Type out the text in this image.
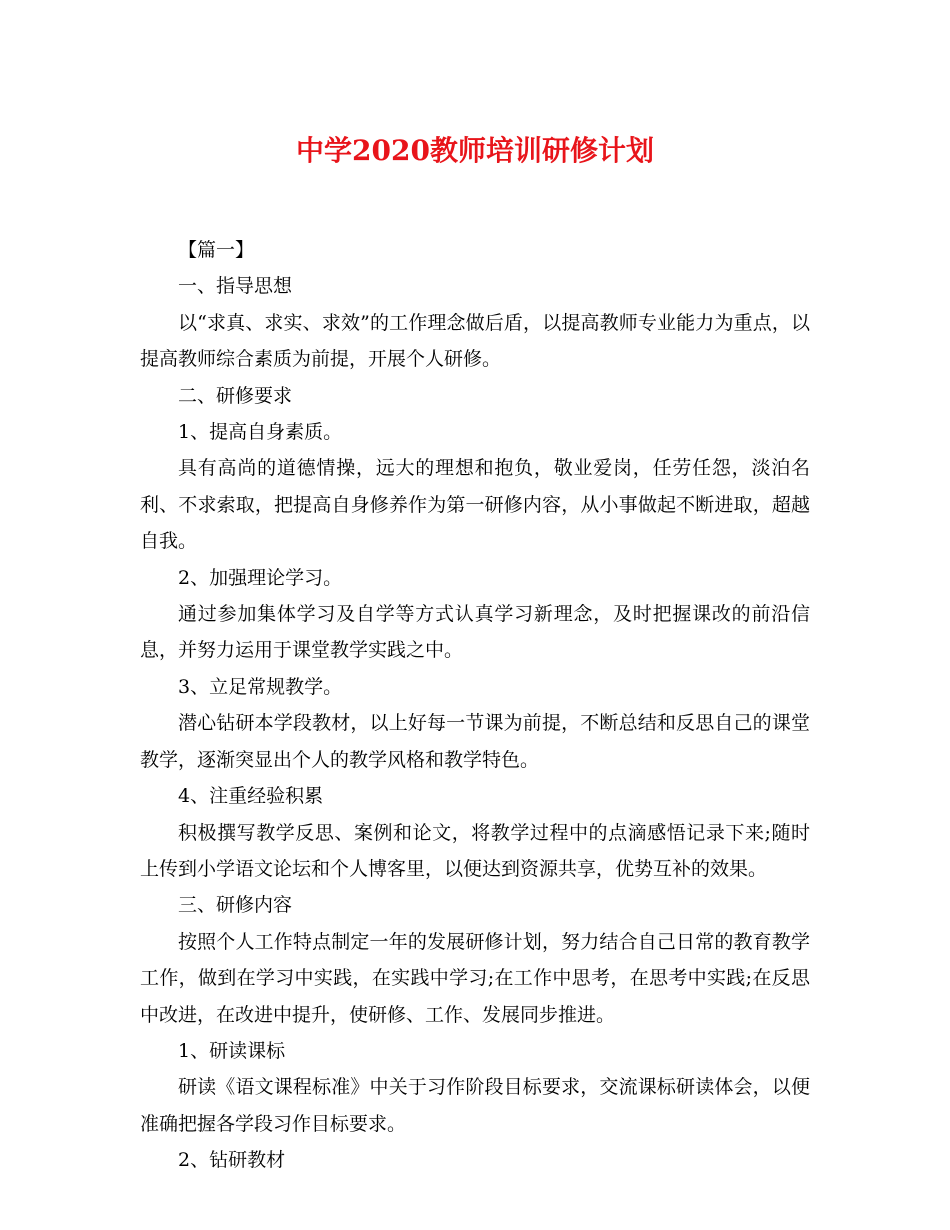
中学2020教师培训研修计划

【篇一】

一、指导思想

以“求真、求实、求效”的工作理念做后盾，以提高教师专业能力为重点，以提高教师综合素质为前提，开展个人研修。

二、研修要求

1、提高自身素质。

具有高尚的道德情操，远大的理想和抱负，敬业爱岗，任劳任怨，淡泊名利、不求索取，把提高自身修养作为第一研修内容，从小事做起不断进取，超越自我。

2、加强理论学习。

通过参加集体学习及自学等方式认真学习新理念，及时把握课改的前沿信息，并努力运用于课堂教学实践之中。

3、立足常规教学。

潜心钻研本学段教材，以上好每一节课为前提，不断总结和反思自己的课堂教学，逐渐突显出个人的教学风格和教学特色。

4、注重经验积累

积极撰写教学反思、案例和论文，将教学过程中的点滴感悟记录下来;随时上传到小学语文论坛和个人博客里，以便达到资源共享，优势互补的效果。

三、研修内容

按照个人工作特点制定一年的发展研修计划，努力结合自己日常的教育教学工作，做到在学习中实践，在实践中学习;在工作中思考，在思考中实践;在反思中改进，在改进中提升，使研修、工作、发展同步推进。

1、研读课标

研读《语文课程标准》中关于习作阶段目标要求，交流课标研读体会，以便准确把握各学段习作目标要求。

2、钻研教材
